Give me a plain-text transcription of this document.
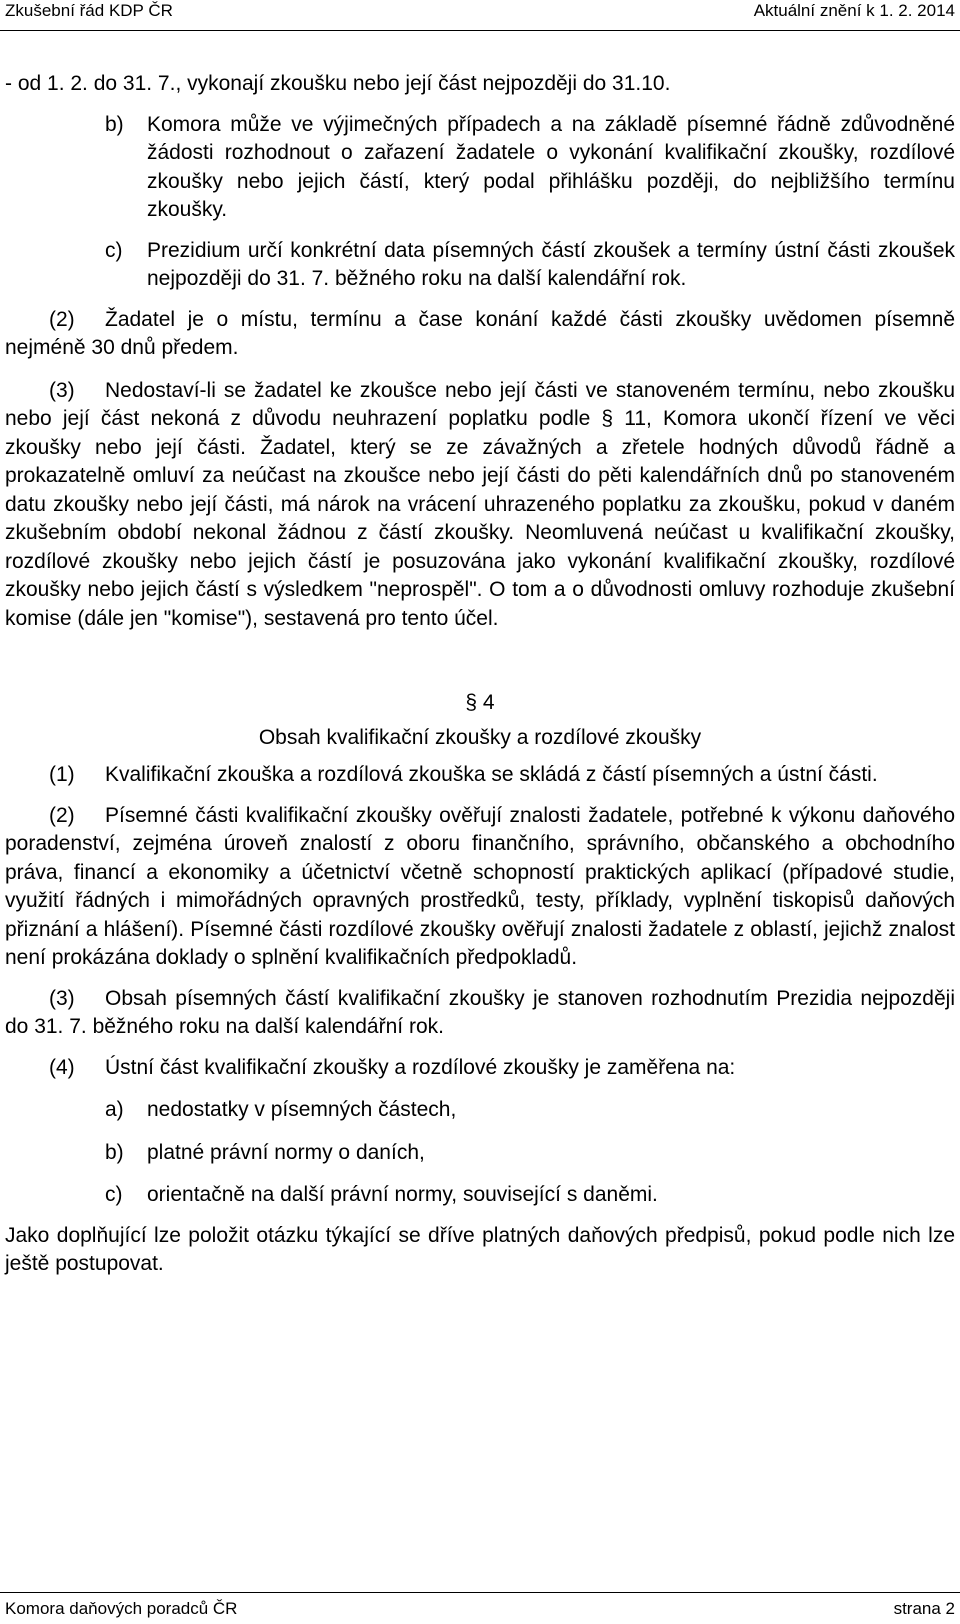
Zkušební řád KDP ČR	Aktuální znění k 1. 2. 2014

- od 1. 2. do 31. 7., vykonají zkoušku nebo její část nejpozději do 31.10.

b)	Komora může ve výjimečných případech a na základě písemné řádně zdůvodněné žádosti rozhodnout o zařazení žadatele o vykonání kvalifikační zkoušky, rozdílové zkoušky nebo jejich částí, který podal přihlášku později, do nejbližšího termínu zkoušky.
c)	Prezidium určí konkrétní data písemných částí zkoušek a termíny ústní části zkoušek nejpozději do 31. 7. běžného roku na další kalendářní rok.

(2) Žadatel je o místu, termínu a čase konání každé části zkoušky uvědomen písemně nejméně 30 dnů předem.

(3) Nedostaví-li se žadatel ke zkoušce nebo její části ve stanoveném termínu, nebo zkoušku nebo její část nekoná z důvodu neuhrazení poplatku podle § 11, Komora ukončí řízení ve věci zkoušky nebo její části. Žadatel, který se ze závažných a zřetele hodných důvodů řádně a prokazatelně omluví za neúčast na zkoušce nebo její části do pěti kalendářních dnů po stanoveném datu zkoušky nebo její části, má nárok na vrácení uhrazeného poplatku za zkoušku, pokud v daném zkušebním období nekonal žádnou z částí zkoušky. Neomluvená neúčast u kvalifikační zkoušky, rozdílové zkoušky nebo jejich částí je posuzována jako vykonání kvalifikační zkoušky, rozdílové zkoušky nebo jejich částí s výsledkem "neprospěl". O tom a o důvodnosti omluvy rozhoduje zkušební komise (dále jen "komise"), sestavená pro tento účel.

§ 4

Obsah kvalifikační zkoušky a rozdílové zkoušky

(1) Kvalifikační zkouška a rozdílová zkouška se skládá z částí písemných a ústní části.

(2) Písemné části kvalifikační zkoušky ověřují znalosti žadatele, potřebné k výkonu daňového poradenství, zejména úroveň znalostí z oboru finančního, správního, občanského a obchodního práva, financí a ekonomiky a účetnictví včetně schopností praktických aplikací (případové studie, využití řádných i mimořádných opravných prostředků, testy, příklady, vyplnění tiskopisů daňových přiznání a hlášení). Písemné části rozdílové zkoušky ověřují znalosti žadatele z oblastí, jejichž znalost není prokázána doklady o splnění kvalifikačních předpokladů.

(3) Obsah písemných částí kvalifikační zkoušky je stanoven rozhodnutím Prezidia nejpozději do 31. 7. běžného roku na další kalendářní rok.

(4) Ústní část kvalifikační zkoušky a rozdílové zkoušky je zaměřena na:

a)	nedostatky v písemných částech,
b)	platné právní normy o daních,
c)	orientačně na další právní normy, související s daněmi.

Jako doplňující lze položit otázku týkající se dříve platných daňových předpisů, pokud podle nich lze ještě postupovat.

Komora daňových poradců ČR	strana 2
